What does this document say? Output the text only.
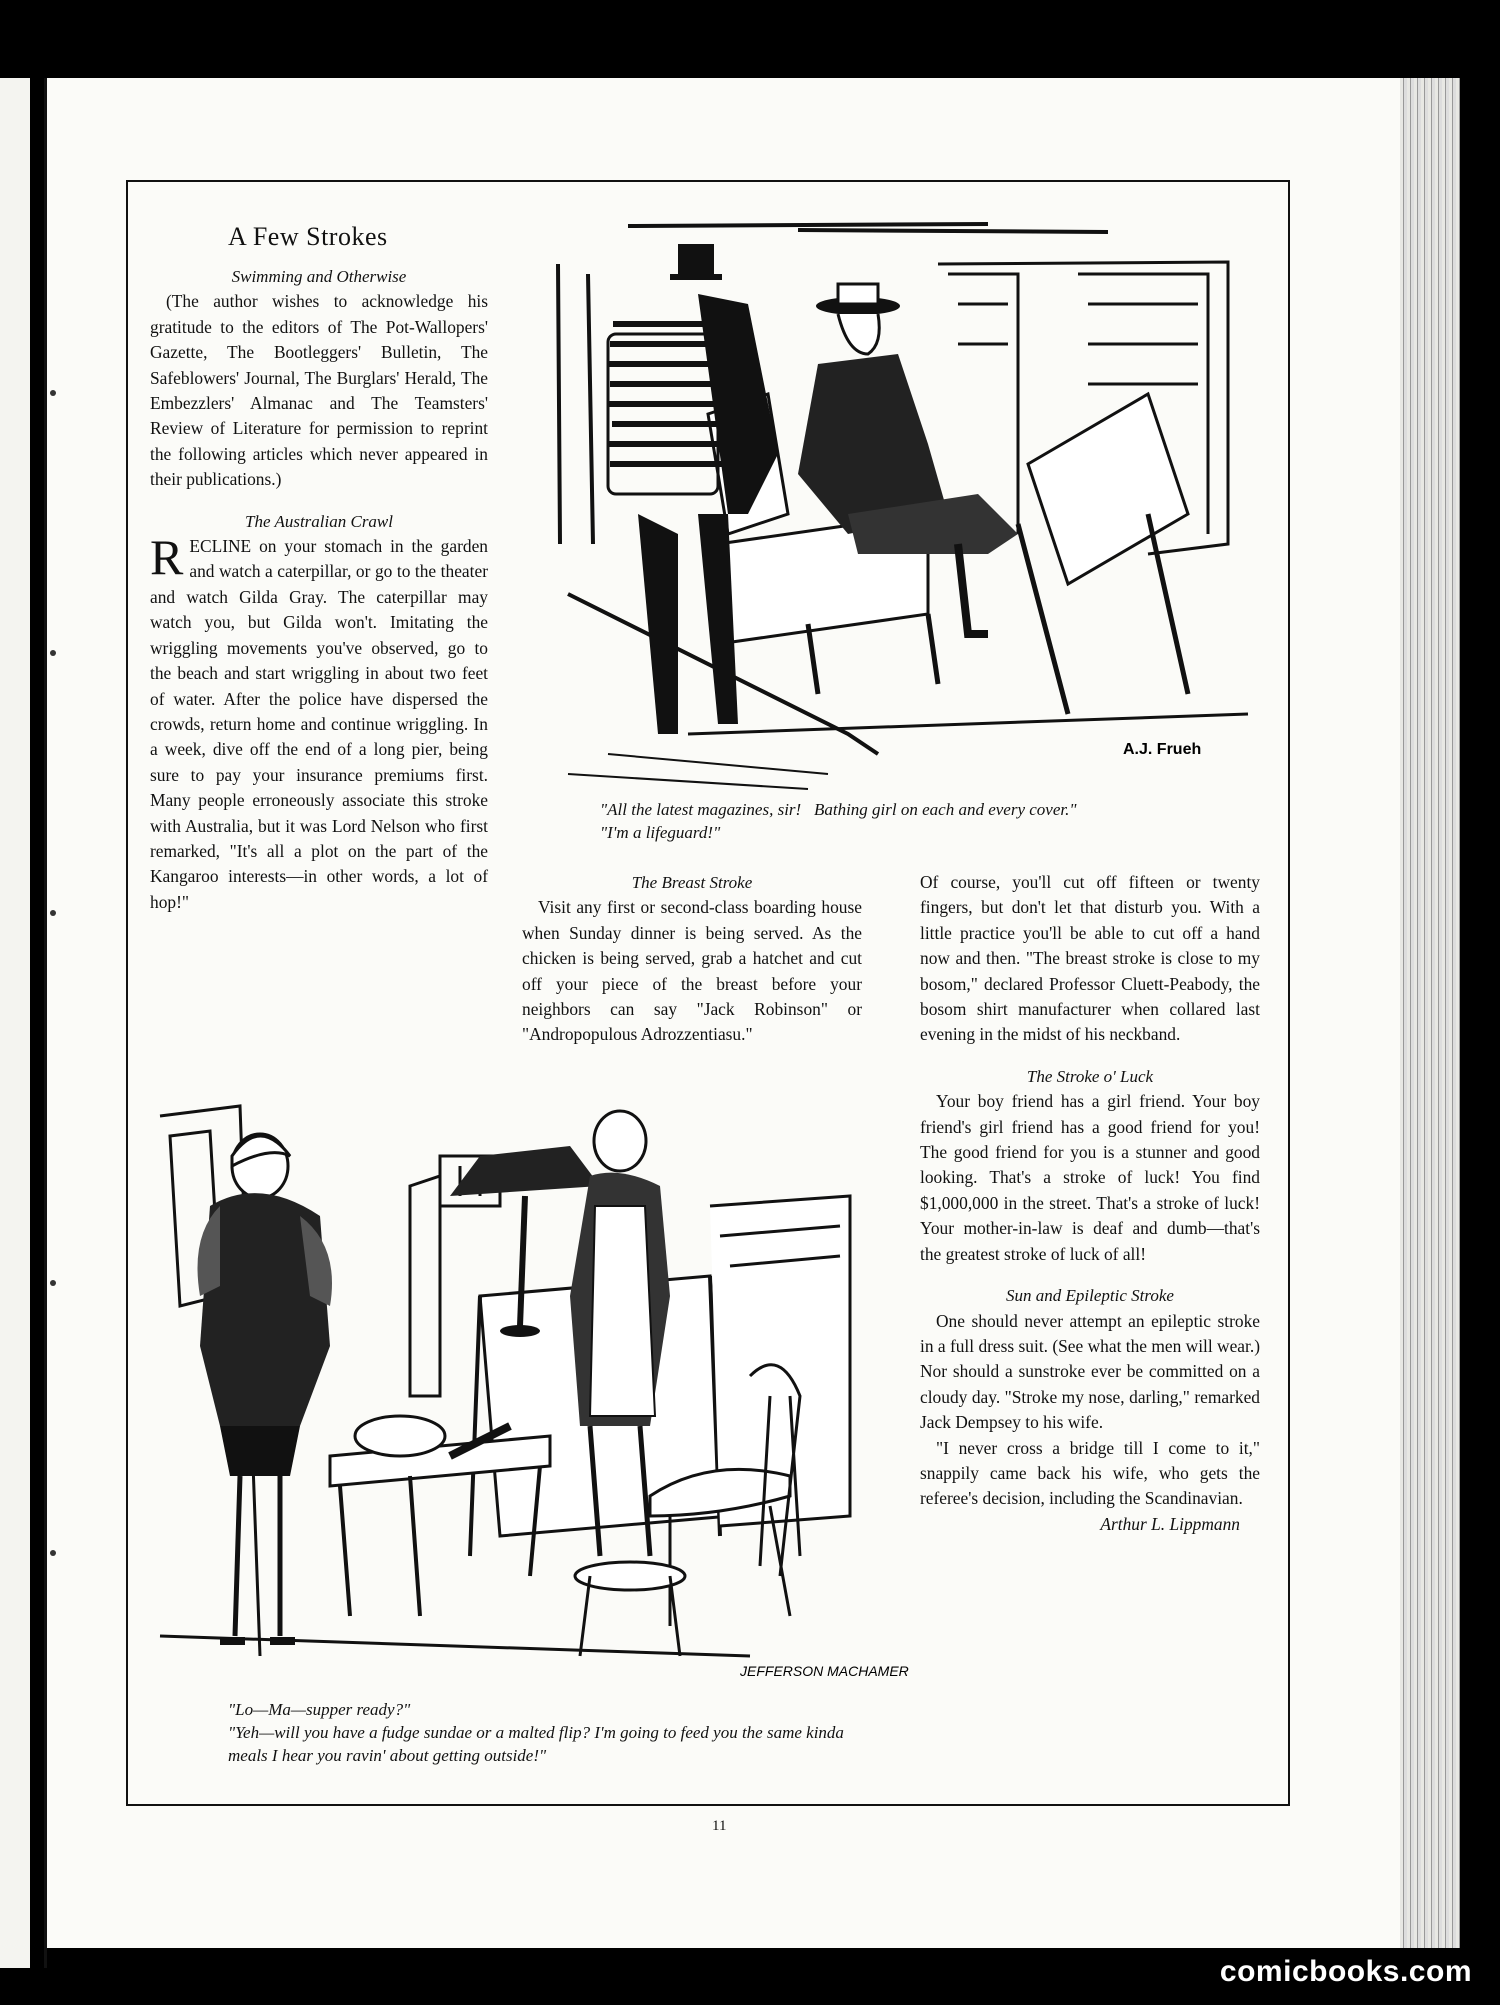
A Few Strokes

Swimming and Otherwise

(The author wishes to acknowledge his gratitude to the editors of The Pot-Wallopers' Gazette, The Bootleggers' Bulletin, The Safeblowers' Journal, The Burglars' Herald, The Embezzlers' Almanac and The Teamsters' Review of Literature for permission to reprint the following articles which never appeared in their publications.)

The Australian Crawl

RECLINE on your stomach in the garden and watch a caterpillar, or go to the theater and watch Gilda Gray. The caterpillar may watch you, but Gilda won't. Imitating the wriggling movements you've observed, go to the beach and start wriggling in about two feet of water. After the police have dispersed the crowds, return home and continue wriggling. In a week, dive off the end of a long pier, being sure to pay your insurance premiums first. Many people erroneously associate this stroke with Australia, but it was Lord Nelson who first remarked, "It's all a plot on the part of the Kangaroo interests—in other words, a lot of hop!"

A.J. Frueh
"All the latest magazines, sir!   Bathing girl on each and every cover."
"I'm a lifeguard!"

The Breast Stroke

Visit any first or second-class boarding house when Sunday dinner is being served. As the chicken is being served, grab a hatchet and cut off your piece of the breast before your neighbors can say "Jack Robinson" or "Andropopulous Adrozzentiasu."

Of course, you'll cut off fifteen or twenty fingers, but don't let that disturb you. With a little practice you'll be able to cut off a hand now and then. "The breast stroke is close to my bosom," declared Professor Cluett-Peabody, the bosom shirt manufacturer when collared last evening in the midst of his neckband.

The Stroke o' Luck

Your boy friend has a girl friend. Your boy friend's girl friend has a good friend for you! The good friend for you is a stunner and good looking. That's a stroke of luck! You find $1,000,000 in the street. That's a stroke of luck! Your mother-in-law is deaf and dumb—that's the greatest stroke of luck of all!

Sun and Epileptic Stroke

One should never attempt an epileptic stroke in a full dress suit. (See what the men will wear.) Nor should a sunstroke ever be committed on a cloudy day. "Stroke my nose, darling," remarked Jack Dempsey to his wife.

"I never cross a bridge till I come to it," snappily came back his wife, who gets the referee's decision, including the Scandinavian.

Arthur L. Lippmann

JEFFERSON MACHAMER
"Lo—Ma—supper ready?"
"Yeh—will you have a fudge sundae or a malted flip? I'm going to feed you the same kinda meals I hear you ravin' about getting outside!"
11
comicbooks.com
